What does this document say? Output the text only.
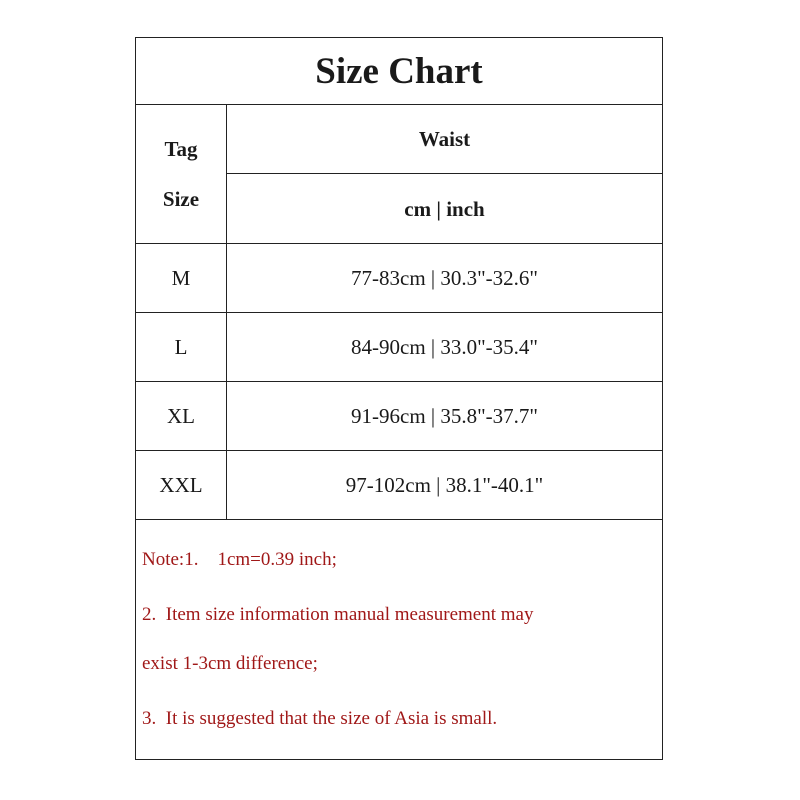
Size Chart
Tag
Size
Waist
cm | inch
M	77-83cm | 30.3"-32.6"
L	84-90cm | 33.0"-35.4"
XL	91-96cm | 35.8"-37.7"
XXL	97-102cm | 38.1"-40.1"
Note:1.    1cm=0.39 inch;
2.  Item size information manual measurement may
exist 1-3cm difference;
3.  It is suggested that the size of Asia is small.
